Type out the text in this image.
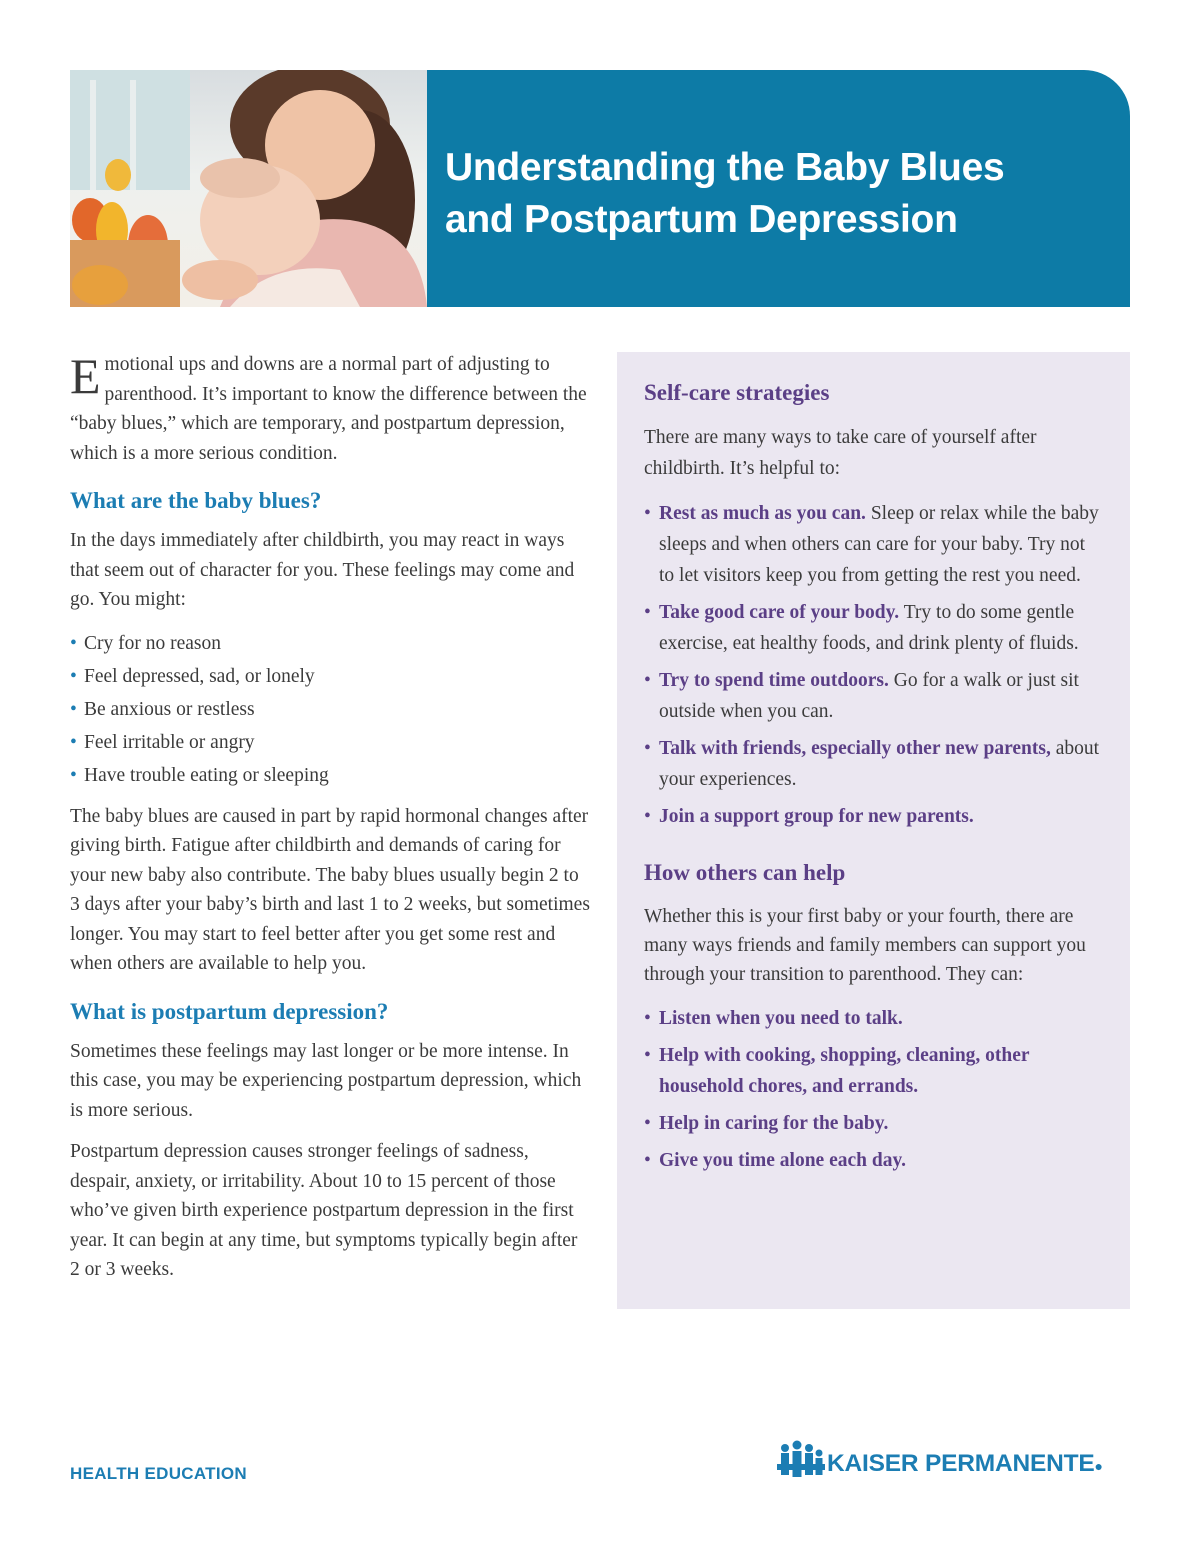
Understanding the Baby Blues
and Postpartum Depression

Emotional ups and downs are a normal part of adjusting to parenthood. It’s important to know the difference between the “baby blues,” which are temporary, and postpartum depression, which is a more serious condition.

What are the baby blues?

In the days immediately after childbirth, you may react in ways that seem out of character for you. These feelings may come and go. You might:

• Cry for no reason
• Feel depressed, sad, or lonely
• Be anxious or restless
• Feel irritable or angry
• Have trouble eating or sleeping

The baby blues are caused in part by rapid hormonal changes after giving birth. Fatigue after childbirth and demands of caring for your new baby also contribute. The baby blues usually begin 2 to 3 days after your baby’s birth and last 1 to 2 weeks, but sometimes longer. You may start to feel better after you get some rest and when others are available to help you.

What is postpartum depression?

Sometimes these feelings may last longer or be more intense. In this case, you may be experiencing postpartum depression, which is more serious.

Postpartum depression causes stronger feelings of sadness, despair, anxiety, or irritability. About 10 to 15 percent of those who’ve given birth experience postpartum depression in the first year. It can begin at any time, but symptoms typically begin after 2 or 3 weeks.

Self-care strategies

There are many ways to take care of yourself after childbirth. It’s helpful to:

• Rest as much as you can. Sleep or relax while the baby sleeps and when others can care for your baby. Try not to let visitors keep you from getting the rest you need.
• Take good care of your body. Try to do some gentle exercise, eat healthy foods, and drink plenty of fluids.
• Try to spend time outdoors. Go for a walk or just sit outside when you can.
• Talk with friends, especially other new parents, about your experiences.
• Join a support group for new parents.
How others can help

Whether this is your first baby or your fourth, there are many ways friends and family members can support you through your transition to parenthood. They can:

• Listen when you need to talk.
• Help with cooking, shopping, cleaning, other household chores, and errands.
• Help in caring for the baby.
• Give you time alone each day.

HEALTH EDUCATION	KAISER PERMANENTE●
